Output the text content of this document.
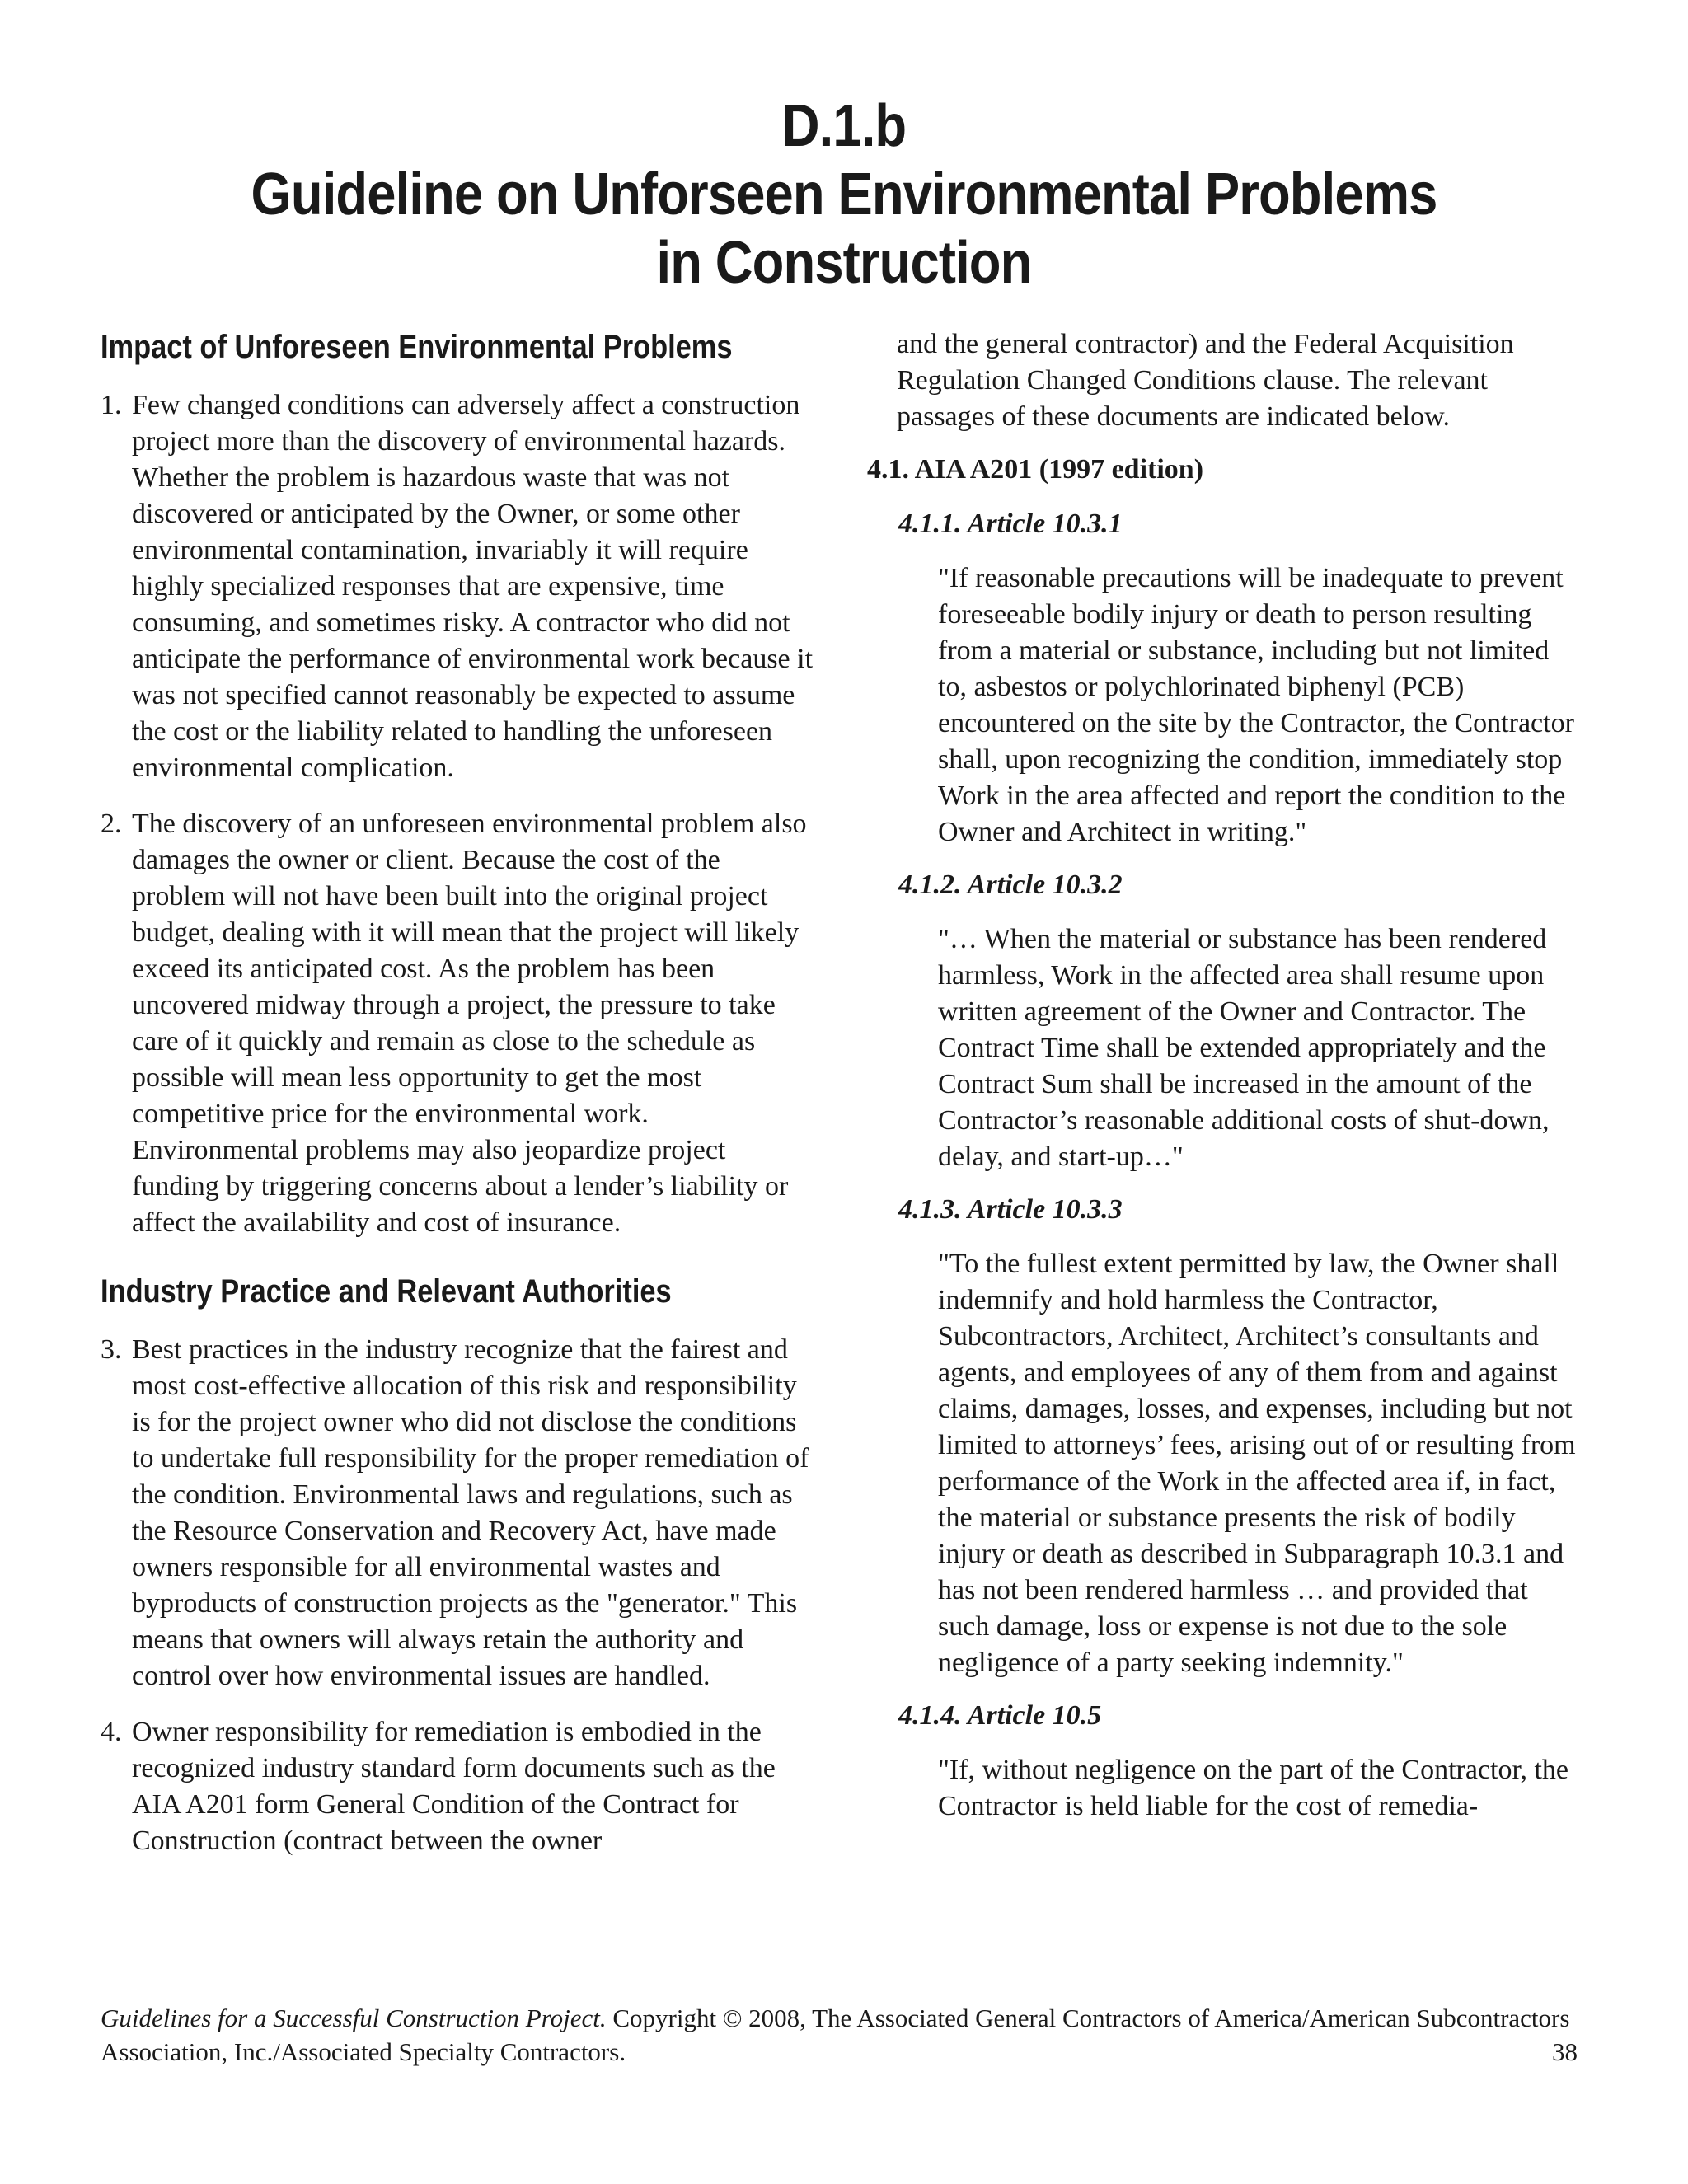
D.1.b
Guideline on Unforseen Environmental Problems
in Construction
Impact of Unforeseen Environmental Problems
1. Few changed conditions can adversely affect a construction project more than the discovery of environmental hazards. Whether the problem is hazardous waste that was not discovered or anticipated by the Owner, or some other environmental contamination, invariably it will require highly specialized responses that are expensive, time consuming, and sometimes risky. A contractor who did not anticipate the performance of environmental work because it was not specified cannot reasonably be expected to assume the cost or the liability related to handling the unforeseen environmental complication.
2. The discovery of an unforeseen environmental problem also damages the owner or client. Because the cost of the problem will not have been built into the original project budget, dealing with it will mean that the project will likely exceed its anticipated cost. As the problem has been uncovered midway through a project, the pressure to take care of it quickly and remain as close to the schedule as possible will mean less opportunity to get the most competitive price for the environmental work. Environmental problems may also jeopardize project funding by triggering concerns about a lender’s liability or affect the availability and cost of insurance.
Industry Practice and Relevant Authorities
3. Best practices in the industry recognize that the fairest and most cost-effective allocation of this risk and responsibility is for the project owner who did not disclose the conditions to undertake full responsibility for the proper remediation of the condition. Environmental laws and regulations, such as the Resource Conservation and Recovery Act, have made owners responsible for all environmental wastes and byproducts of construction projects as the "generator." This means that owners will always retain the authority and control over how environmental issues are handled.
4. Owner responsibility for remediation is embodied in the recognized industry standard form documents such as the AIA A201 form General Condition of the Contract for Construction (contract between the owner
and the general contractor) and the Federal Acquisition Regulation Changed Conditions clause. The relevant passages of these documents are indicated below.
4.1. AIA A201 (1997 edition)
4.1.1. Article 10.3.1
"If reasonable precautions will be inadequate to prevent foreseeable bodily injury or death to person resulting from a material or substance, including but not limited to, asbestos or polychlorinated biphenyl (PCB) encountered on the site by the Contractor, the Contractor shall, upon recognizing the condition, immediately stop Work in the area affected and report the condition to the Owner and Architect in writing."
4.1.2. Article 10.3.2
"… When the material or substance has been rendered harmless, Work in the affected area shall resume upon written agreement of the Owner and Contractor. The Contract Time shall be extended appropriately and the Contract Sum shall be increased in the amount of the Contractor’s reasonable additional costs of shut-down, delay, and start-up…"
4.1.3. Article 10.3.3
"To the fullest extent permitted by law, the Owner shall indemnify and hold harmless the Contractor, Subcontractors, Architect, Architect’s consultants and agents, and employees of any of them from and against claims, damages, losses, and expenses, including but not limited to attorneys’ fees, arising out of or resulting from performance of the Work in the affected area if, in fact, the material or substance presents the risk of bodily injury or death as described in Subparagraph 10.3.1 and has not been rendered harmless … and provided that such damage, loss or expense is not due to the sole negligence of a party seeking indemnity."
4.1.4. Article 10.5
"If, without negligence on the part of the Contractor, the Contractor is held liable for the cost of remedia-
Guidelines for a Successful Construction Project. Copyright © 2008, The Associated General Contractors of America/American Subcontractors Association, Inc./Associated Specialty Contractors.	38
